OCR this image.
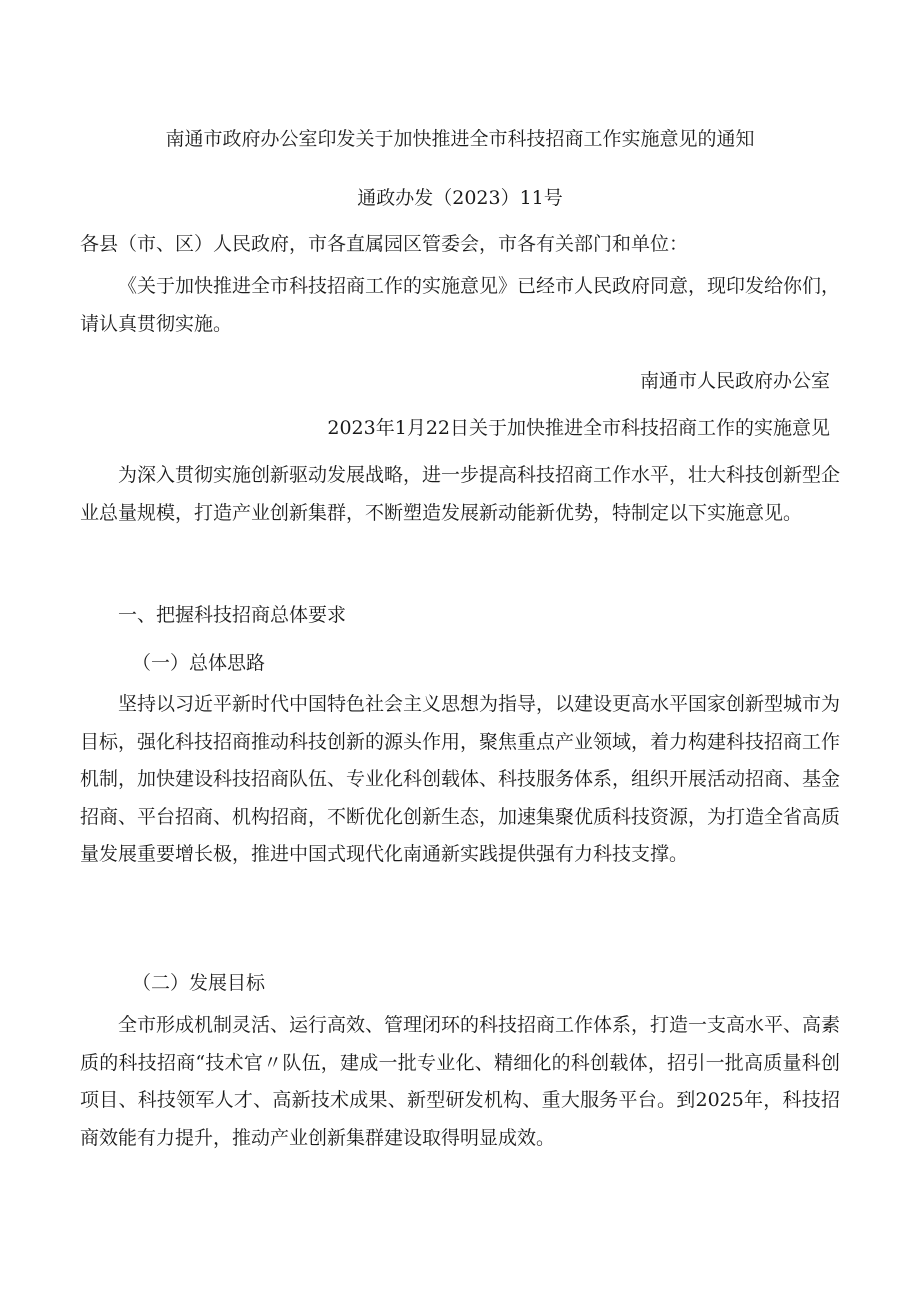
南通市政府办公室印发关于加快推进全市科技招商工作实施意见的通知
通政办发（2023）11号
各县（市、区）人民政府，市各直属园区管委会，市各有关部门和单位：
《关于加快推进全市科技招商工作的实施意见》已经市人民政府同意，现印发给你们，请认真贯彻实施。
南通市人民政府办公室
2023年1月22日关于加快推进全市科技招商工作的实施意见
为深入贯彻实施创新驱动发展战略，进一步提高科技招商工作水平，壮大科技创新型企业总量规模，打造产业创新集群，不断塑造发展新动能新优势，特制定以下实施意见。
一、把握科技招商总体要求
（一）总体思路
坚持以习近平新时代中国特色社会主义思想为指导，以建设更高水平国家创新型城市为目标，强化科技招商推动科技创新的源头作用，聚焦重点产业领域，着力构建科技招商工作机制，加快建设科技招商队伍、专业化科创载体、科技服务体系，组织开展活动招商、基金招商、平台招商、机构招商，不断优化创新生态，加速集聚优质科技资源，为打造全省高质量发展重要增长极，推进中国式现代化南通新实践提供强有力科技支撑。
（二）发展目标
全市形成机制灵活、运行高效、管理闭环的科技招商工作体系，打造一支高水平、高素质的科技招商“技术官〃队伍，建成一批专业化、精细化的科创载体，招引一批高质量科创项目、科技领军人才、高新技术成果、新型研发机构、重大服务平台。到2025年，科技招商效能有力提升，推动产业创新集群建设取得明显成效。
